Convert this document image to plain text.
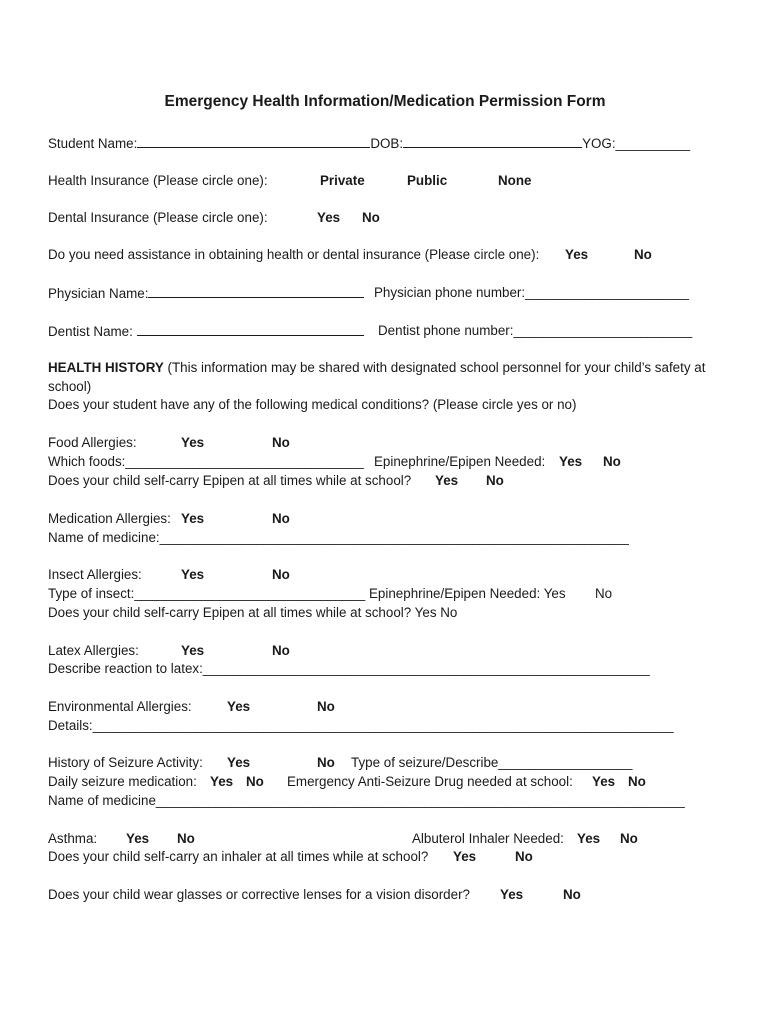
Emergency Health Information/Medication Permission Form
Student Name:	DOB:	YOG:__________
Health Insurance (Please circle one):	Private	Public	None
Dental Insurance (Please circle one):	Yes No
Do you need assistance in obtaining health or dental insurance (Please circle one): Yes	No
Physician Name:	Physician phone number:______________________
Dentist Name:	Dentist phone number:________________________
HEALTH HISTORY (This information may be shared with designated school personnel for your child’s safety at school)
Does your student have any of the following medical conditions? (Please circle yes or no)
Food Allergies:	Yes	No
Which foods:________________________________ Epinephrine/Epipen Needed: Yes No
Does your child self-carry Epipen at all times while at school? Yes No
Medication Allergies: Yes	No
Name of medicine:_______________________________________________________________
Insect Allergies:	Yes	No
Type of insect:_______________________________ Epinephrine/Epipen Needed: Yes No
Does your child self-carry Epipen at all times while at school? Yes No
Latex Allergies:	Yes	No
Describe reaction to latex:____________________________________________________________
Environmental Allergies:	Yes	No
Details:______________________________________________________________________________
History of Seizure Activity: Yes	No Type of seizure/Describe__________________
Daily seizure medication: Yes No Emergency Anti-Seizure Drug needed at school: Yes No
Name of medicine_______________________________________________________________________
Asthma: Yes No	Albuterol Inhaler Needed: Yes No
Does your child self-carry an inhaler at all times while at school? Yes	No
Does your child wear glasses or corrective lenses for a vision disorder? Yes	No
